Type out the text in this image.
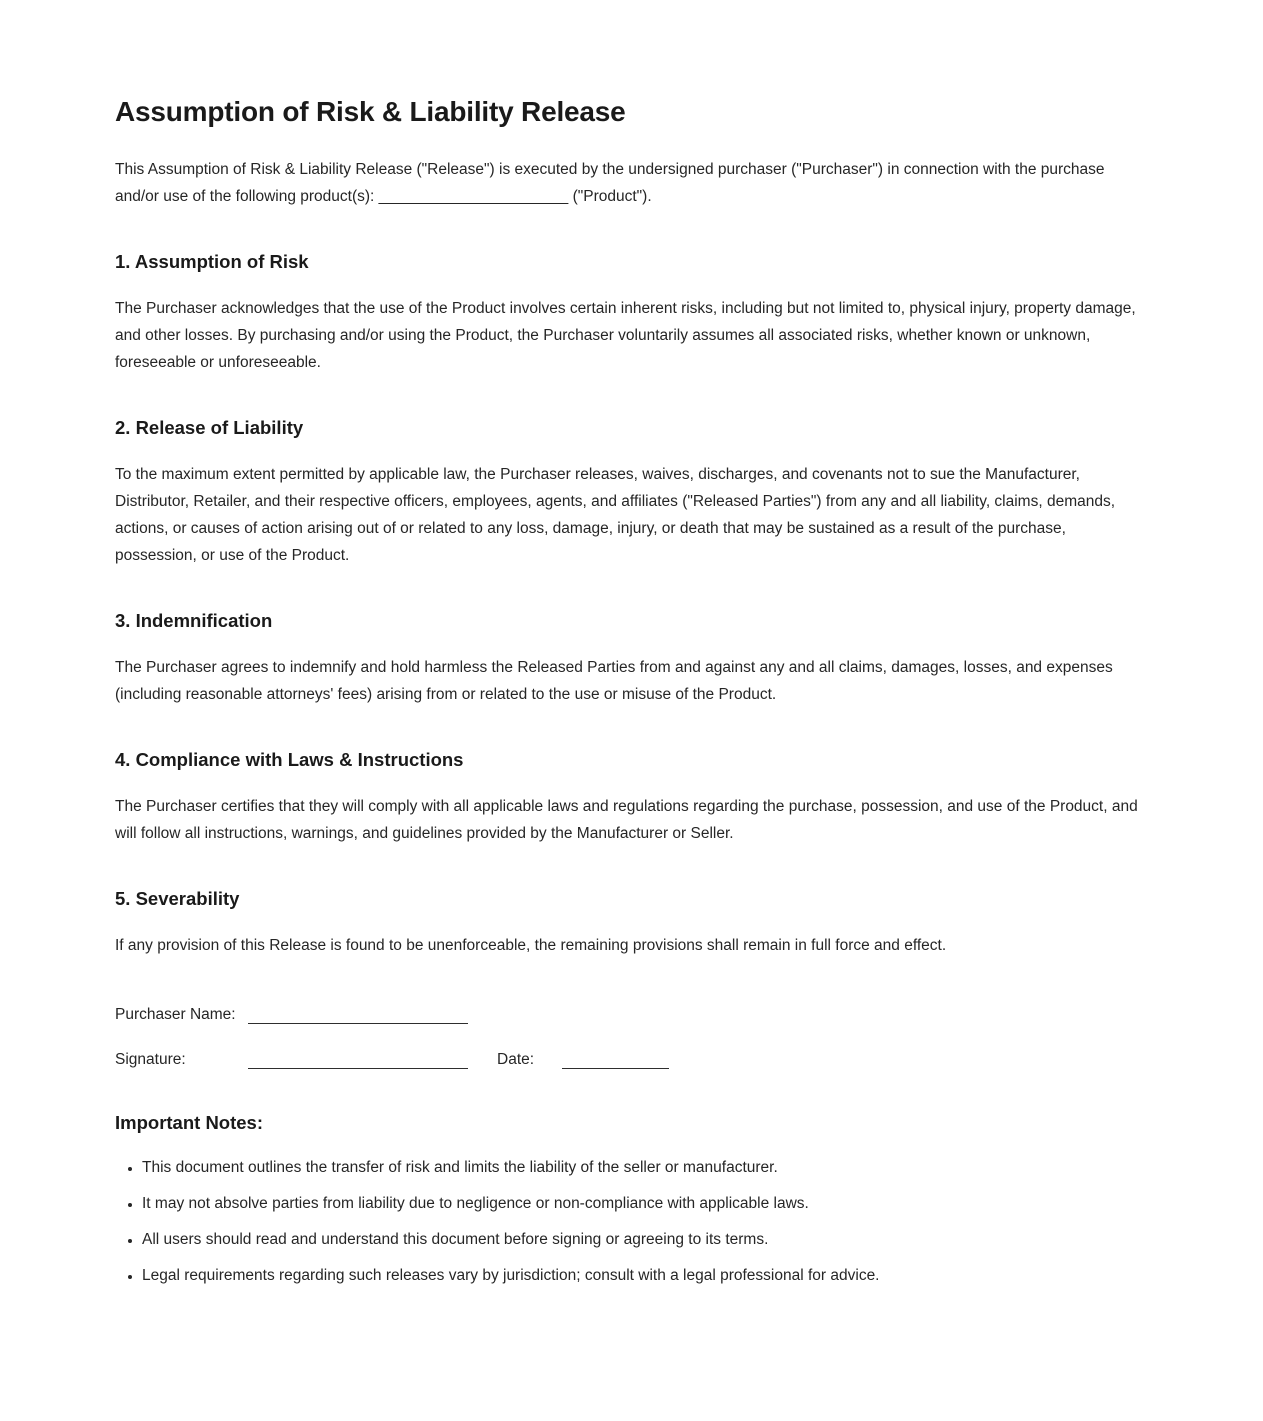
Assumption of Risk & Liability Release

This Assumption of Risk & Liability Release ("Release") is executed by the undersigned purchaser ("Purchaser") in connection with the purchase and/or use of the following product(s): ______________________ ("Product").

1. Assumption of Risk

The Purchaser acknowledges that the use of the Product involves certain inherent risks, including but not limited to, physical injury, property damage, and other losses. By purchasing and/or using the Product, the Purchaser voluntarily assumes all associated risks, whether known or unknown, foreseeable or unforeseeable.

2. Release of Liability

To the maximum extent permitted by applicable law, the Purchaser releases, waives, discharges, and covenants not to sue the Manufacturer, Distributor, Retailer, and their respective officers, employees, agents, and affiliates ("Released Parties") from any and all liability, claims, demands, actions, or causes of action arising out of or related to any loss, damage, injury, or death that may be sustained as a result of the purchase, possession, or use of the Product.

3. Indemnification

The Purchaser agrees to indemnify and hold harmless the Released Parties from and against any and all claims, damages, losses, and expenses (including reasonable attorneys' fees) arising from or related to the use or misuse of the Product.

4. Compliance with Laws & Instructions

The Purchaser certifies that they will comply with all applicable laws and regulations regarding the purchase, possession, and use of the Product, and will follow all instructions, warnings, and guidelines provided by the Manufacturer or Seller.

5. Severability

If any provision of this Release is found to be unenforceable, the remaining provisions shall remain in full force and effect.

Purchaser Name:
Signature:	Date:
Important Notes:
• This document outlines the transfer of risk and limits the liability of the seller or manufacturer.
• It may not absolve parties from liability due to negligence or non-compliance with applicable laws.
• All users should read and understand this document before signing or agreeing to its terms.
• Legal requirements regarding such releases vary by jurisdiction; consult with a legal professional for advice.
